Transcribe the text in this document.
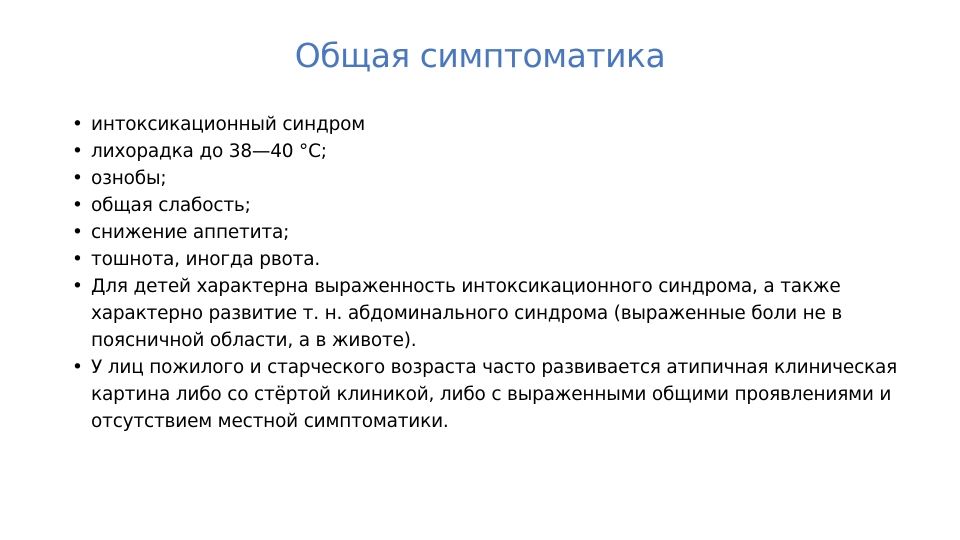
Общая симптоматика
• интоксикационный синдром
• лихорадка до 38—40 °C;
• ознобы;
• общая слабость;
• снижение аппетита;
• тошнота, иногда рвота.
• Для детей характерна выраженность интоксикационного синдрома, а также характерно развитие т. н. абдоминального синдрома (выраженные боли не в поясничной области, а в животе).
• У лиц пожилого и старческого возраста часто развивается атипичная клиническая картина либо со стёртой клиникой, либо с выраженными общими проявлениями и отсутствием местной симптоматики.
